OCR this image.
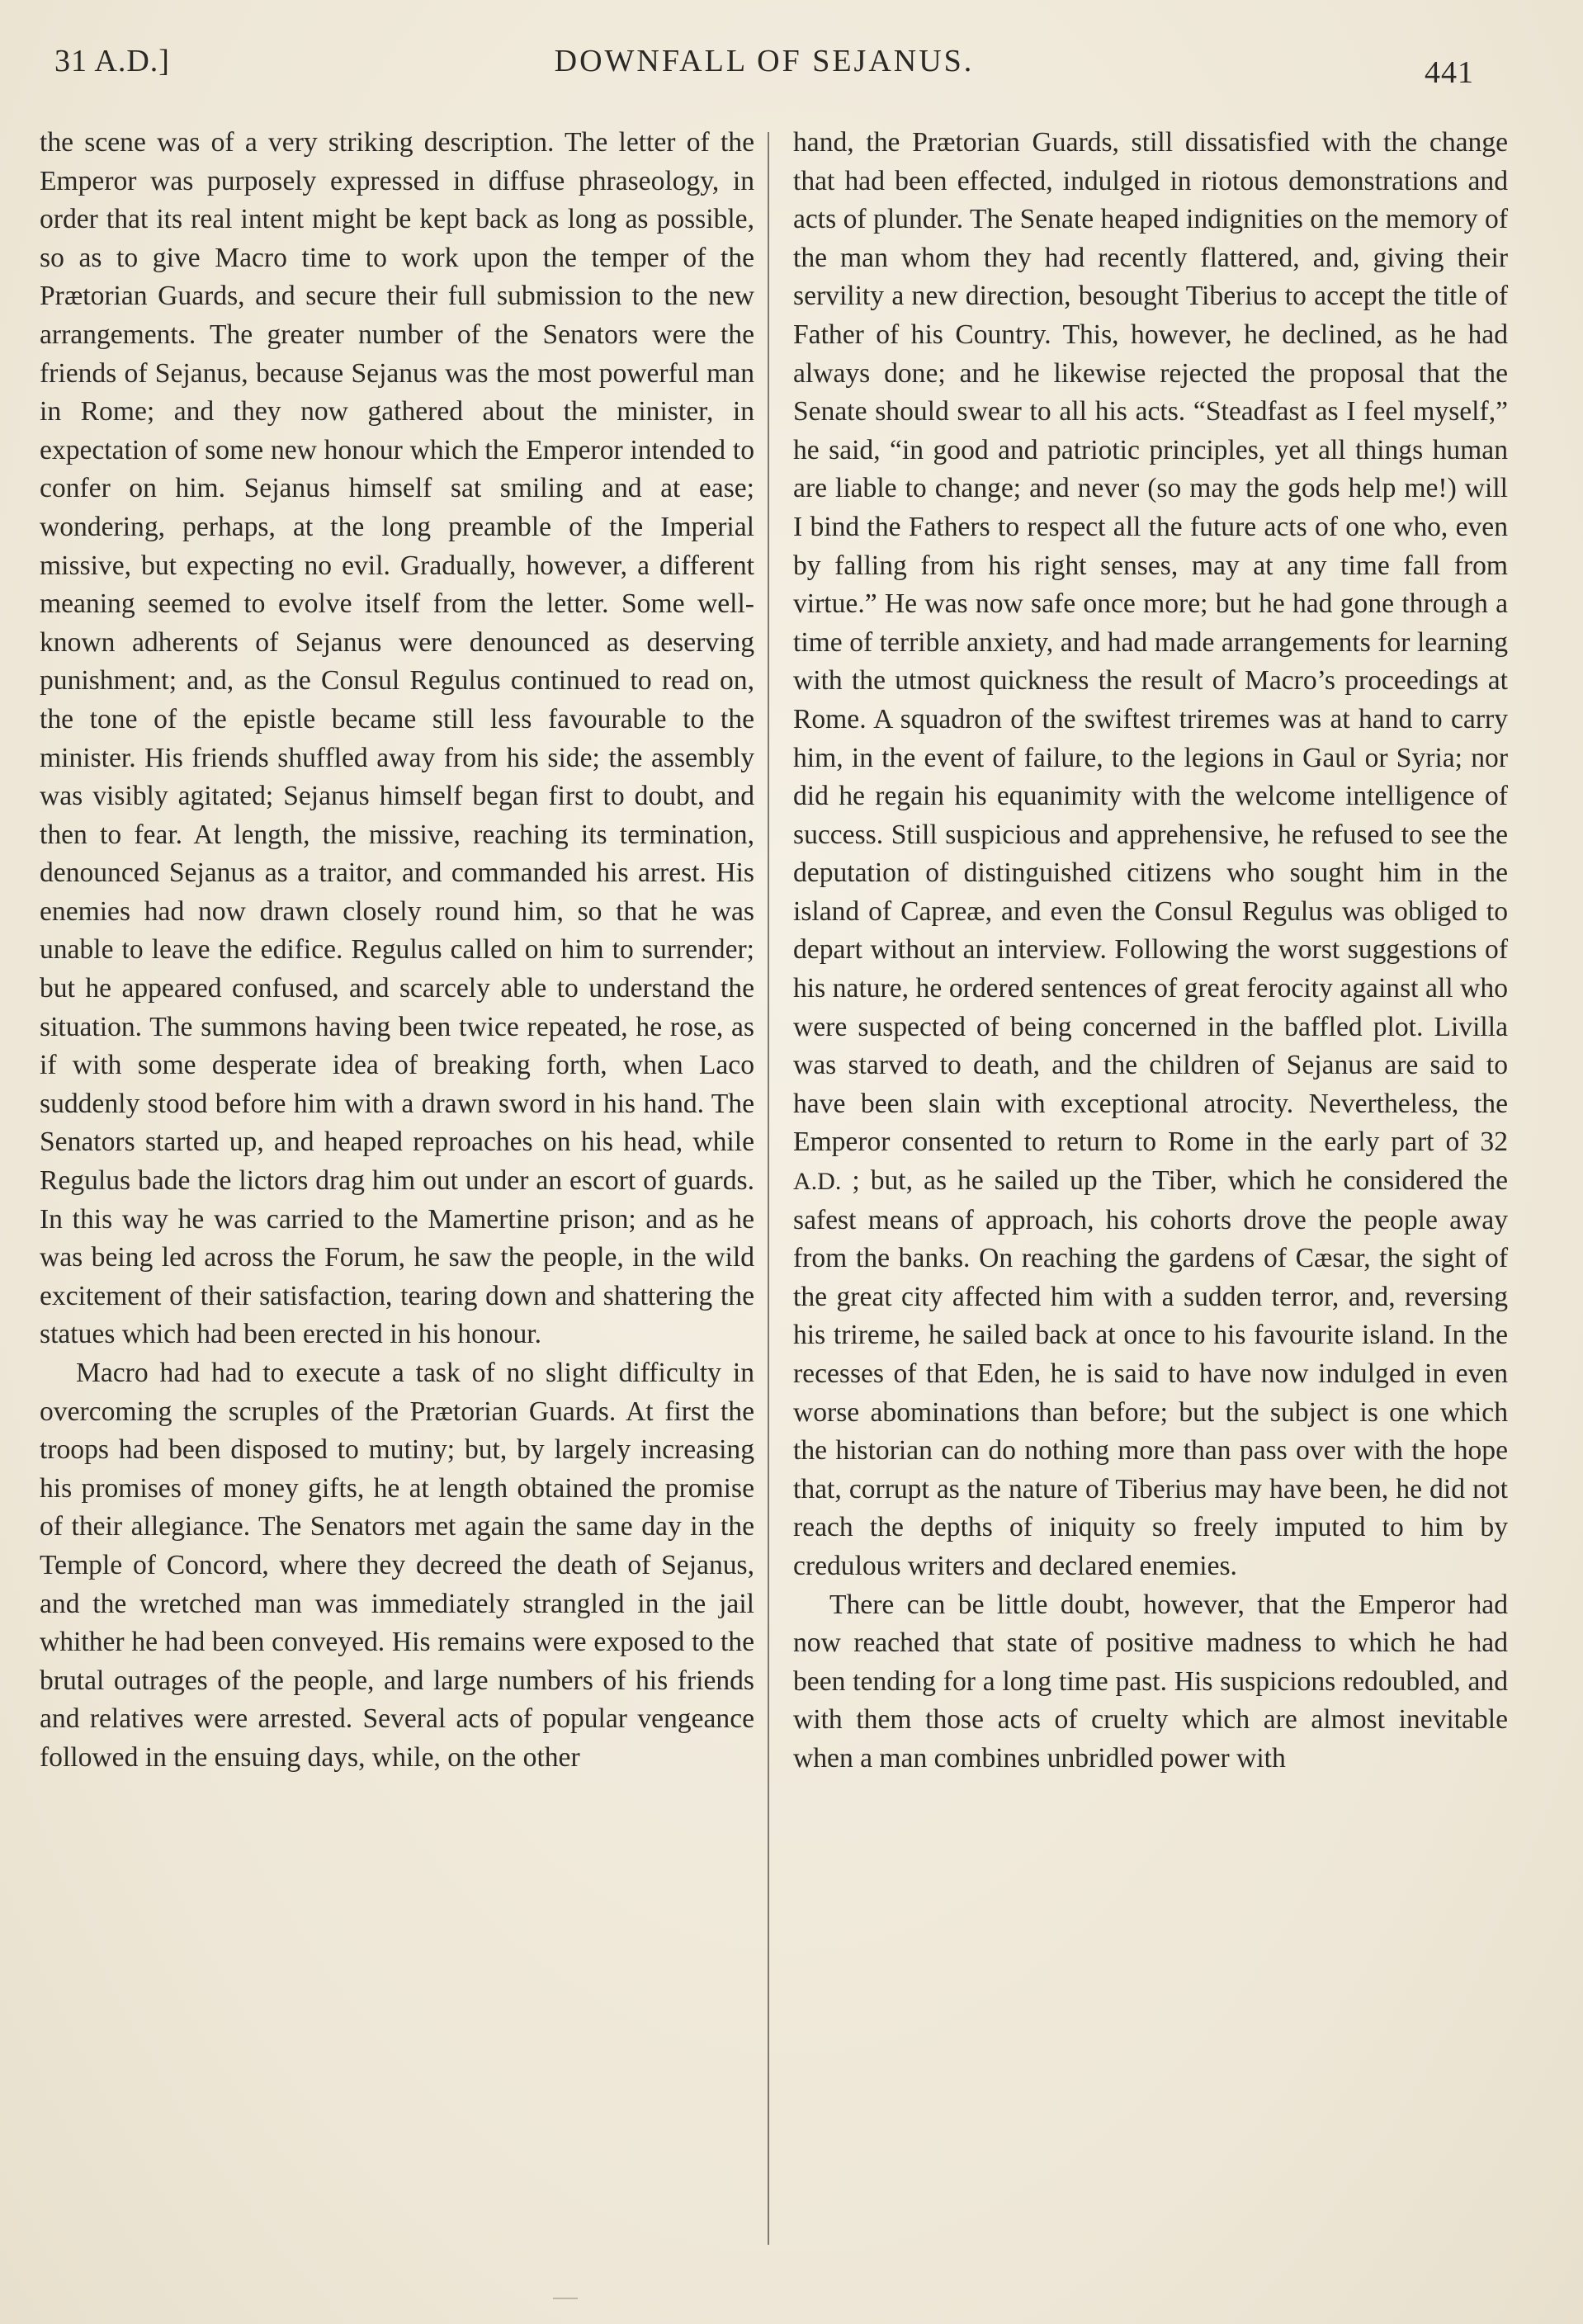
31 A.D.]	DOWNFALL OF SEJANUS.	441

the scene was of a very striking description. The letter of the Emperor was purposely expressed in diffuse phraseology, in order that its real intent might be kept back as long as possible, so as to give Macro time to work upon the temper of the Prætorian Guards, and secure their full submission to the new arrangements. The greater number of the Senators were the friends of Sejanus, because Sejanus was the most powerful man in Rome; and they now gathered about the minister, in expectation of some new honour which the Emperor intended to confer on him. Sejanus himself sat smiling and at ease; wondering, perhaps, at the long preamble of the Imperial missive, but expecting no evil. Gradually, however, a different meaning seemed to evolve itself from the letter. Some well-known adherents of Sejanus were denounced as deserving punishment; and, as the Consul Regulus continued to read on, the tone of the epistle became still less favourable to the minister. His friends shuffled away from his side; the assembly was visibly agitated; Sejanus himself began first to doubt, and then to fear. At length, the missive, reaching its termination, denounced Sejanus as a traitor, and commanded his arrest. His enemies had now drawn closely round him, so that he was unable to leave the edifice. Regulus called on him to surrender; but he appeared confused, and scarcely able to understand the situation. The summons having been twice repeated, he rose, as if with some desperate idea of breaking forth, when Laco suddenly stood before him with a drawn sword in his hand. The Senators started up, and heaped reproaches on his head, while Regulus bade the lictors drag him out under an escort of guards. In this way he was carried to the Mamertine prison; and as he was being led across the Forum, he saw the people, in the wild excitement of their satisfaction, tearing down and shattering the statues which had been erected in his honour.

Macro had had to execute a task of no slight difficulty in overcoming the scruples of the Prætorian Guards. At first the troops had been disposed to mutiny; but, by largely increasing his promises of money gifts, he at length obtained the promise of their allegiance. The Senators met again the same day in the Temple of Concord, where they decreed the death of Sejanus, and the wretched man was immediately strangled in the jail whither he had been conveyed. His remains were exposed to the brutal outrages of the people, and large numbers of his friends and relatives were arrested. Several acts of popular vengeance followed in the ensuing days, while, on the other

hand, the Prætorian Guards, still dissatisfied with the change that had been effected, indulged in riotous demonstrations and acts of plunder. The Senate heaped indignities on the memory of the man whom they had recently flattered, and, giving their servility a new direction, besought Tiberius to accept the title of Father of his Country. This, however, he declined, as he had always done; and he likewise rejected the proposal that the Senate should swear to all his acts. “Steadfast as I feel myself,” he said, “in good and patriotic principles, yet all things human are liable to change; and never (so may the gods help me!) will I bind the Fathers to respect all the future acts of one who, even by falling from his right senses, may at any time fall from virtue.” He was now safe once more; but he had gone through a time of terrible anxiety, and had made arrangements for learning with the utmost quickness the result of Macro’s proceedings at Rome. A squadron of the swiftest triremes was at hand to carry him, in the event of failure, to the legions in Gaul or Syria; nor did he regain his equanimity with the welcome intelligence of success. Still suspicious and apprehensive, he refused to see the deputation of distinguished citizens who sought him in the island of Capreæ, and even the Consul Regulus was obliged to depart without an interview. Following the worst suggestions of his nature, he ordered sentences of great ferocity against all who were suspected of being concerned in the baffled plot. Livilla was starved to death, and the children of Sejanus are said to have been slain with exceptional atrocity. Nevertheless, the Emperor consented to return to Rome in the early part of 32 A.D. ; but, as he sailed up the Tiber, which he considered the safest means of approach, his cohorts drove the people away from the banks. On reaching the gardens of Cæsar, the sight of the great city affected him with a sudden terror, and, reversing his trireme, he sailed back at once to his favourite island. In the recesses of that Eden, he is said to have now indulged in even worse abominations than before; but the subject is one which the historian can do nothing more than pass over with the hope that, corrupt as the nature of Tiberius may have been, he did not reach the depths of iniquity so freely imputed to him by credulous writers and declared enemies.

There can be little doubt, however, that the Emperor had now reached that state of positive madness to which he had been tending for a long time past. His suspicions redoubled, and with them those acts of cruelty which are almost inevitable when a man combines unbridled power with
